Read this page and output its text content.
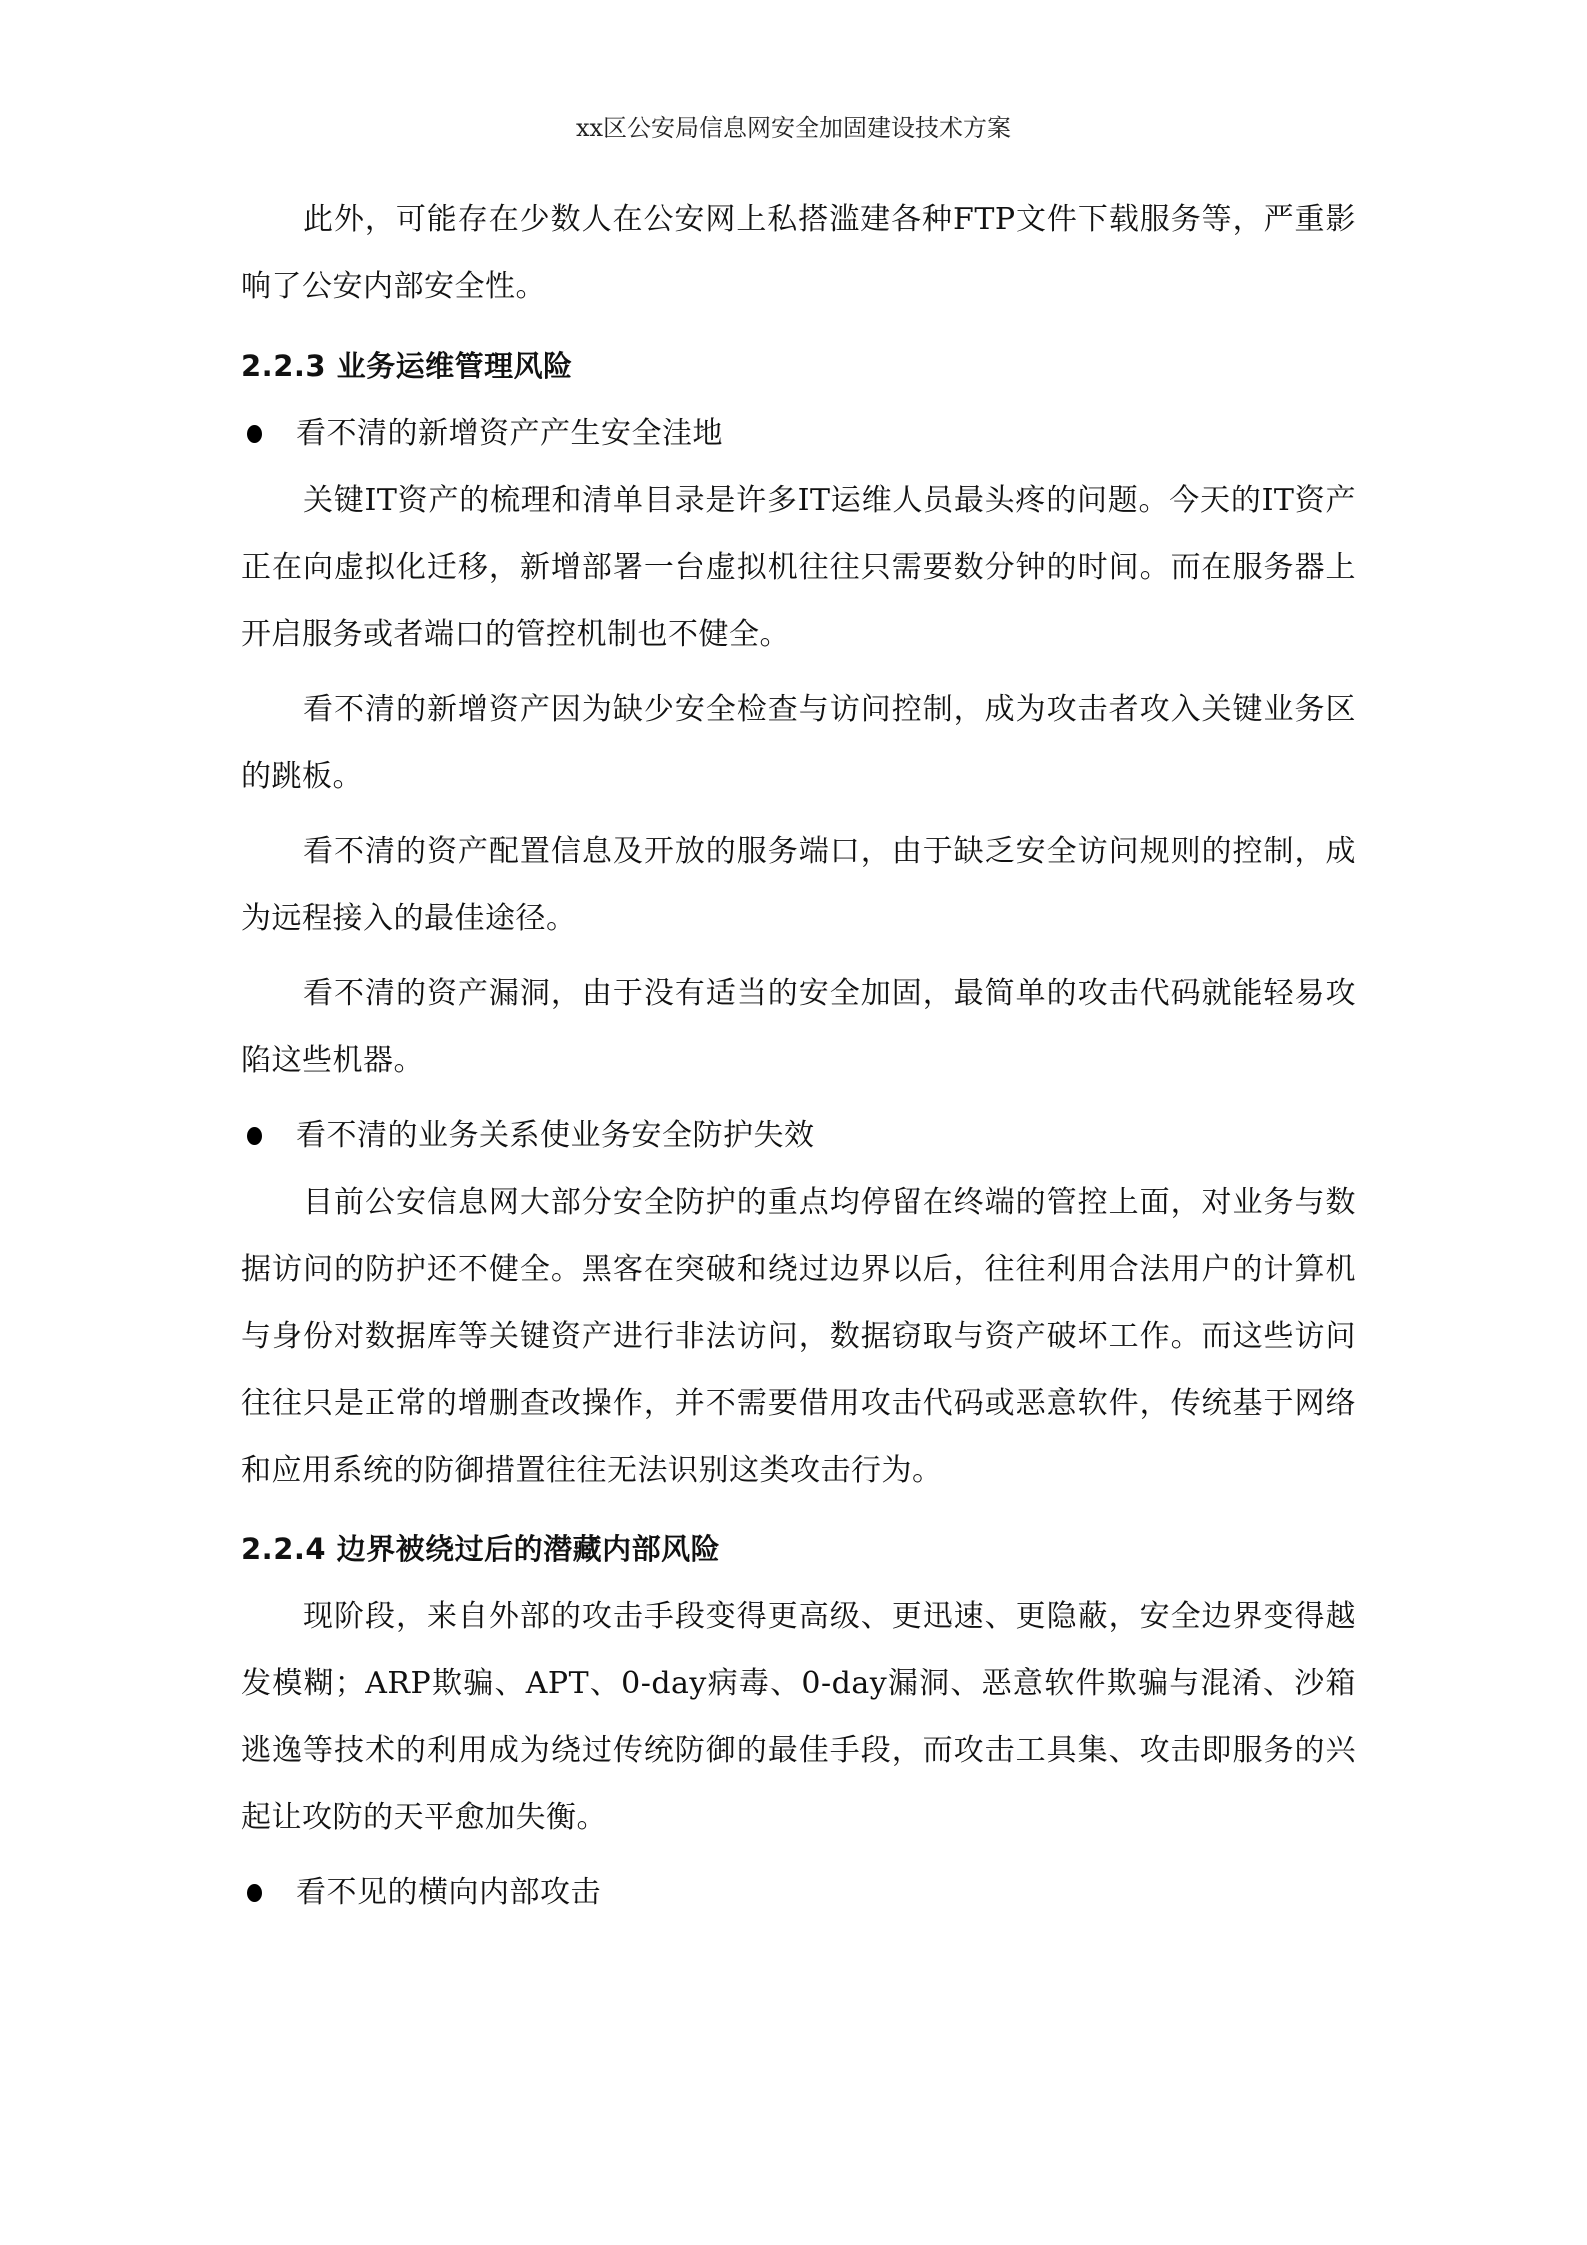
xx区公安局信息网安全加固建设技术方案

此外，可能存在少数人在公安网上私搭滥建各种FTP文件下载服务等，严重影响了公安内部安全性。

2.2.3 业务运维管理风险
看不清的新增资产产生安全洼地

关键IT资产的梳理和清单目录是许多IT运维人员最头疼的问题。今天的IT资产正在向虚拟化迁移，新增部署一台虚拟机往往只需要数分钟的时间。而在服务器上开启服务或者端口的管控机制也不健全。

看不清的新增资产因为缺少安全检查与访问控制，成为攻击者攻入关键业务区的跳板。

看不清的资产配置信息及开放的服务端口，由于缺乏安全访问规则的控制，成为远程接入的最佳途径。

看不清的资产漏洞，由于没有适当的安全加固，最简单的攻击代码就能轻易攻陷这些机器。

看不清的业务关系使业务安全防护失效

目前公安信息网大部分安全防护的重点均停留在终端的管控上面，对业务与数据访问的防护还不健全。黑客在突破和绕过边界以后，往往利用合法用户的计算机与身份对数据库等关键资产进行非法访问，数据窃取与资产破坏工作。而这些访问往往只是正常的增删查改操作，并不需要借用攻击代码或恶意软件，传统基于网络和应用系统的防御措置往往无法识别这类攻击行为。

2.2.4 边界被绕过后的潜藏内部风险

现阶段，来自外部的攻击手段变得更高级、更迅速、更隐蔽，安全边界变得越发模糊；ARP欺骗、APT、0-day病毒、0-day漏洞、恶意软件欺骗与混淆、沙箱逃逸等技术的利用成为绕过传统防御的最佳手段，而攻击工具集、攻击即服务的兴起让攻防的天平愈加失衡。

看不见的横向内部攻击
